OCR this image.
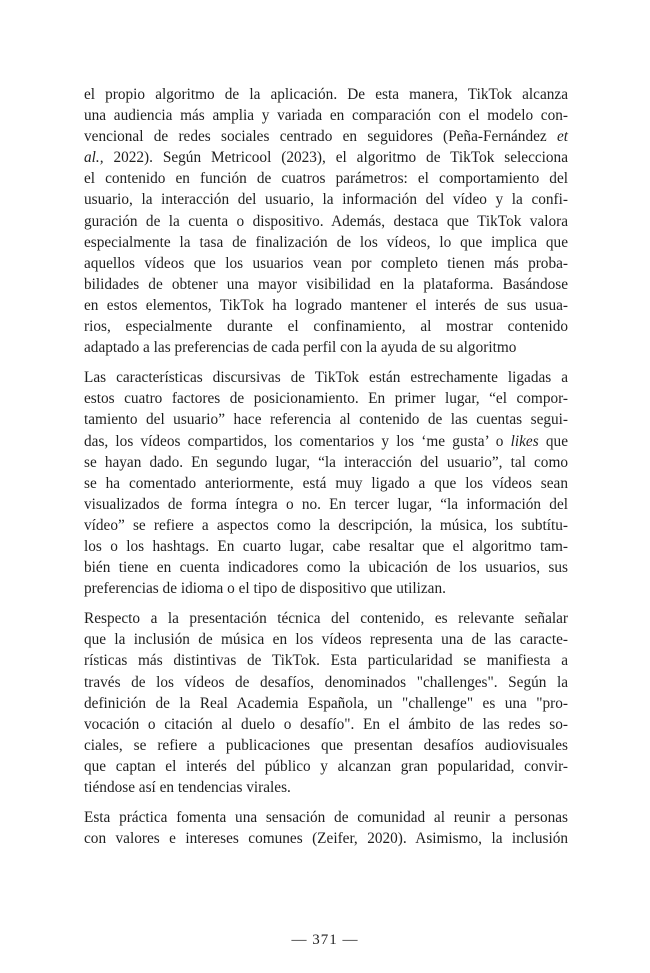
el propio algoritmo de la aplicación. De esta manera, TikTok alcanza
una audiencia más amplia y variada en comparación con el modelo con-
vencional de redes sociales centrado en seguidores (Peña-Fernández et
al., 2022). Según Metricool (2023), el algoritmo de TikTok selecciona
el contenido en función de cuatros parámetros: el comportamiento del
usuario, la interacción del usuario, la información del vídeo y la confi-
guración de la cuenta o dispositivo. Además, destaca que TikTok valora
especialmente la tasa de finalización de los vídeos, lo que implica que
aquellos vídeos que los usuarios vean por completo tienen más proba-
bilidades de obtener una mayor visibilidad en la plataforma. Basándose
en estos elementos, TikTok ha logrado mantener el interés de sus usua-
rios, especialmente durante el confinamiento, al mostrar contenido
adaptado a las preferencias de cada perfil con la ayuda de su algoritmo
Las características discursivas de TikTok están estrechamente ligadas a
estos cuatro factores de posicionamiento. En primer lugar, “el compor-
tamiento del usuario” hace referencia al contenido de las cuentas segui-
das, los vídeos compartidos, los comentarios y los ‘me gusta’ o likes que
se hayan dado. En segundo lugar, “la interacción del usuario”, tal como
se ha comentado anteriormente, está muy ligado a que los vídeos sean
visualizados de forma íntegra o no. En tercer lugar, “la información del
vídeo” se refiere a aspectos como la descripción, la música, los subtítu-
los o los hashtags. En cuarto lugar, cabe resaltar que el algoritmo tam-
bién tiene en cuenta indicadores como la ubicación de los usuarios, sus
preferencias de idioma o el tipo de dispositivo que utilizan.
Respecto a la presentación técnica del contenido, es relevante señalar
que la inclusión de música en los vídeos representa una de las caracte-
rísticas más distintivas de TikTok. Esta particularidad se manifiesta a
través de los vídeos de desafíos, denominados "challenges". Según la
definición de la Real Academia Española, un "challenge" es una "pro-
vocación o citación al duelo o desafío". En el ámbito de las redes so-
ciales, se refiere a publicaciones que presentan desafíos audiovisuales
que captan el interés del público y alcanzan gran popularidad, convir-
tiéndose así en tendencias virales.
Esta práctica fomenta una sensación de comunidad al reunir a personas
con valores e intereses comunes (Zeifer, 2020). Asimismo, la inclusión
— 371 —
